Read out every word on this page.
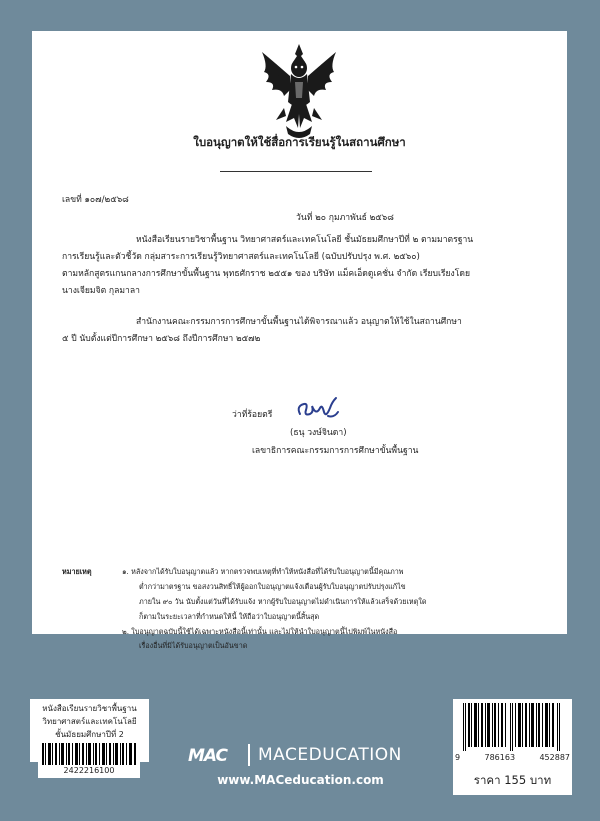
ใบอนุญาตให้ใช้สื่อการเรียนรู้ในสถานศึกษา
เลขที่ ๑๐๗/๒๕๖๘
วันที่ ๒๐ กุมภาพันธ์ ๒๕๖๘
หนังสือเรียนรายวิชาพื้นฐาน วิทยาศาสตร์และเทคโนโลยี ชั้นมัธยมศึกษาปีที่ ๒ ตามมาตรฐาน
การเรียนรู้และตัวชี้วัด กลุ่มสาระการเรียนรู้วิทยาศาสตร์และเทคโนโลยี (ฉบับปรับปรุง พ.ศ. ๒๕๖๐)
ตามหลักสูตรแกนกลางการศึกษาขั้นพื้นฐาน พุทธศักราช ๒๕๕๑ ของ บริษัท แม็คเอ็ดดูเคชั่น จำกัด เรียบเรียงโดย
นางเจียมจิต กุลมาลา
สำนักงานคณะกรรมการการศึกษาขั้นพื้นฐานได้พิจารณาแล้ว อนุญาตให้ใช้ในสถานศึกษา
๕ ปี นับตั้งแต่ปีการศึกษา ๒๕๖๘ ถึงปีการศึกษา ๒๕๗๒
ว่าที่ร้อยตรี
(ธนุ วงษ์จินดา)
เลขาธิการคณะกรรมการการศึกษาขั้นพื้นฐาน
หมายเหตุ	๑. หลังจากได้รับใบอนุญาตแล้ว หากตรวจพบเหตุที่ทำให้หนังสือที่ได้รับใบอนุญาตนี้มีคุณภาพ
ต่ำกว่ามาตรฐาน ขอสงวนสิทธิ์ให้ผู้ออกใบอนุญาตแจ้งเตือนผู้รับใบอนุญาตปรับปรุงแก้ไข
ภายใน ๙๐ วัน นับตั้งแต่วันที่ได้รับแจ้ง หากผู้รับใบอนุญาตไม่ดำเนินการให้แล้วเสร็จด้วยเหตุใด
ก็ตามในระยะเวลาที่กำหนดให้นี้ ให้ถือว่าใบอนุญาตนี้สิ้นสุด
๒. ใบอนุญาตฉบับนี้ใช้ได้เฉพาะหนังสือนี้เท่านั้น และไม่ให้นำใบอนุญาตนี้ไปพิมพ์ในหนังสือ
เรื่องอื่นที่มิได้รับอนุญาตเป็นอันขาด
หนังสือเรียนรายวิชาพื้นฐาน
วิทยาศาสตร์และเทคโนโลยี
ชั้นมัธยมศึกษาปีที่ 2
2422216100
MAC MACEDUCATION
www.MACeducation.com
9	786163	452887
ราคา 155 บาท
